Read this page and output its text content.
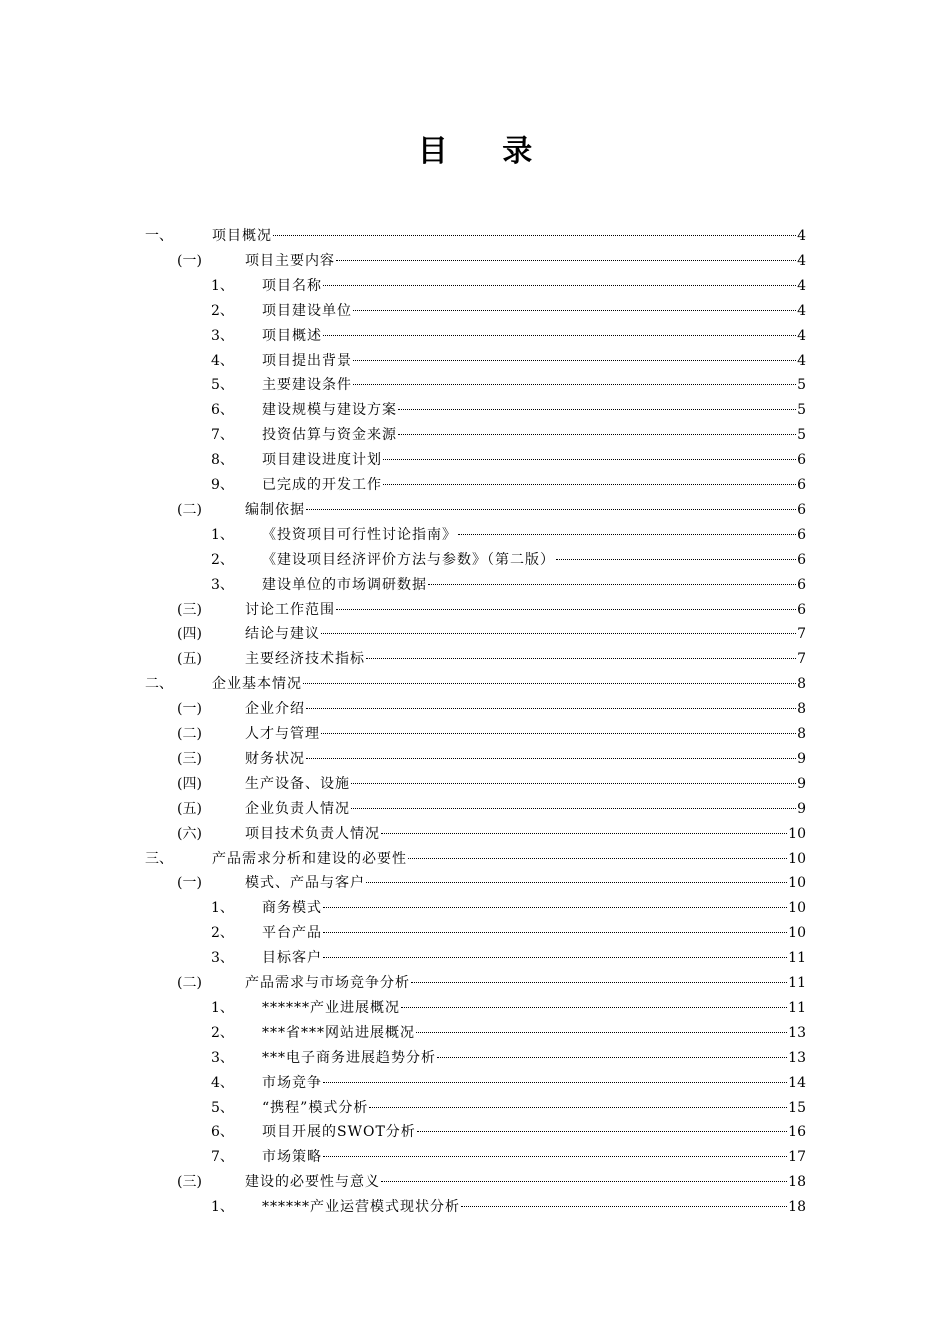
目 录
一、	项目概况	4
(一)	项目主要内容	4
1、 项目名称	4
2、 项目建设单位	4
3、 项目概述	4
4、 项目提出背景	4
5、 主要建设条件	5
6、 建设规模与建设方案	5
7、 投资估算与资金来源	5
8、 项目建设进度计划	6
9、 已完成的开发工作	6
(二)	编制依据	6
1、 《投资项目可行性讨论指南》	6
2、 《建设项目经济评价方法与参数》（第二版）	6
3、 建设单位的市场调研数据	6
(三)	讨论工作范围	6
(四)	结论与建议	7
(五)	主要经济技术指标	7
二、	企业基本情况	8
(一)	企业介绍	8
(二)	人才与管理	8
(三)	财务状况	9
(四)	生产设备、设施	9
(五)	企业负责人情况	9
(六)	项目技术负责人情况	10
三、	产品需求分析和建设的必要性	10
(一)	模式、产品与客户	10
1、 商务模式	10
2、 平台产品	10
3、 目标客户	11
(二)	产品需求与市场竞争分析	11
1、 ******产业进展概况	11
2、 ***省***网站进展概况	13
3、 ***电子商务进展趋势分析	13
4、 市场竞争	14
5、 “携程”模式分析	15
6、 项目开展的SWOT分析	16
7、 市场策略	17
(三)	建设的必要性与意义	18
1、 ******产业运营模式现状分析	18
